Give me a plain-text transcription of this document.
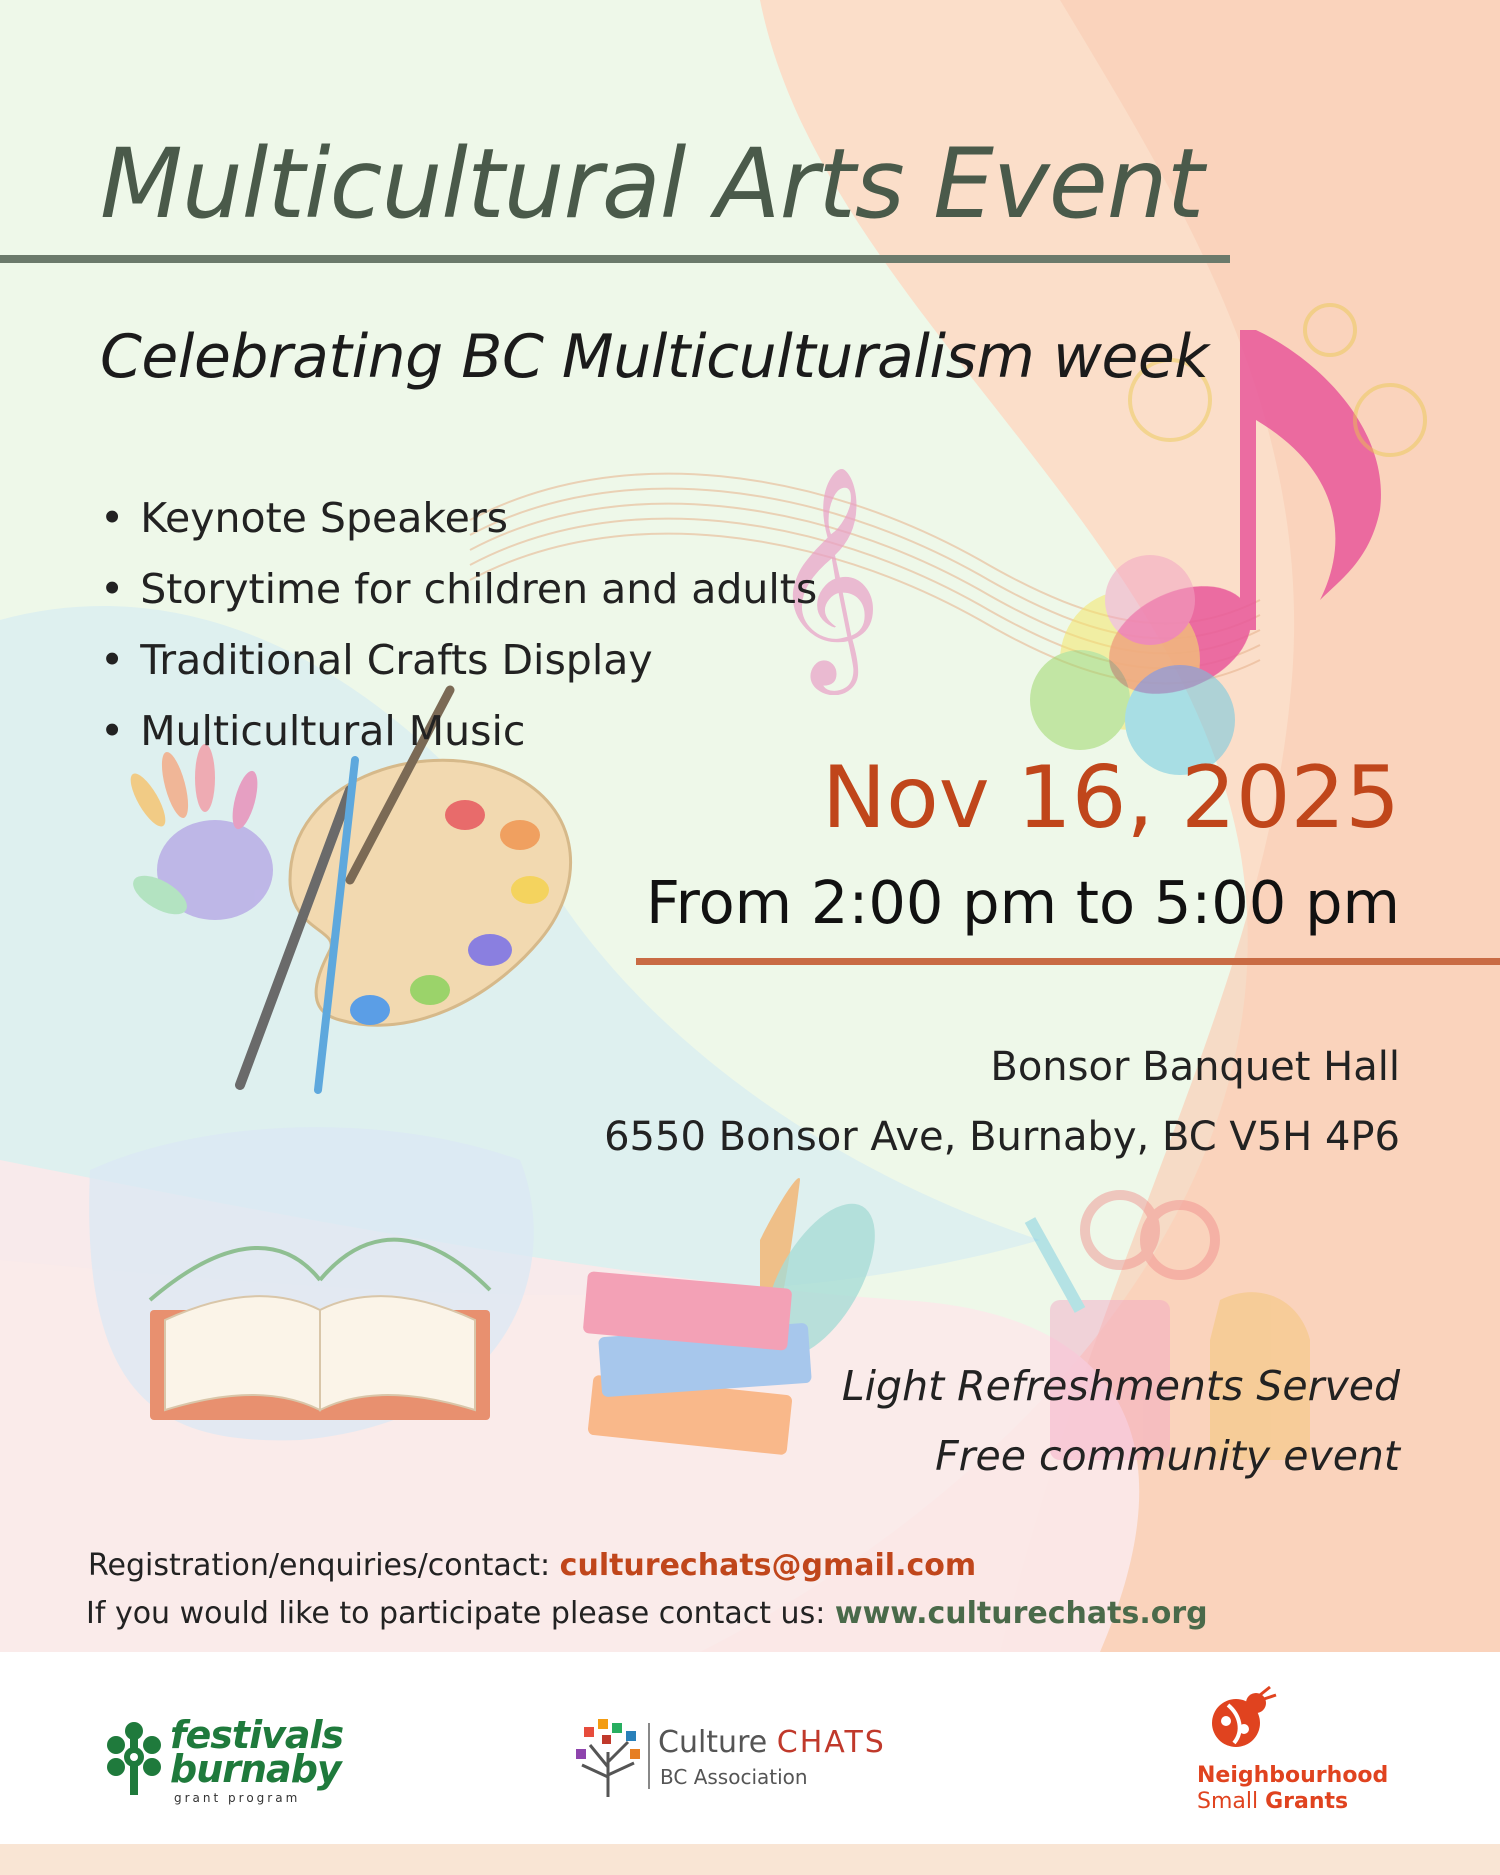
𝄞
Multicultural Arts Event
Celebrating BC Multiculturalism week
• Keynote Speakers
• Storytime for children and adults
• Traditional Crafts Display
• Multicultural Music
Nov 16, 2025
From 2:00 pm to 5:00 pm
Bonsor Banquet Hall
6550 Bonsor Ave, Burnaby, BC V5H 4P6
Light Refreshments Served
Free community event
Registration/enquiries/contact: culturechats@gmail.com
If you would like to participate please contact us: www.culturechats.org
festivals
burnaby
grant program
Culture CHATS
BC Association	Neighbourhood
Small Grants
